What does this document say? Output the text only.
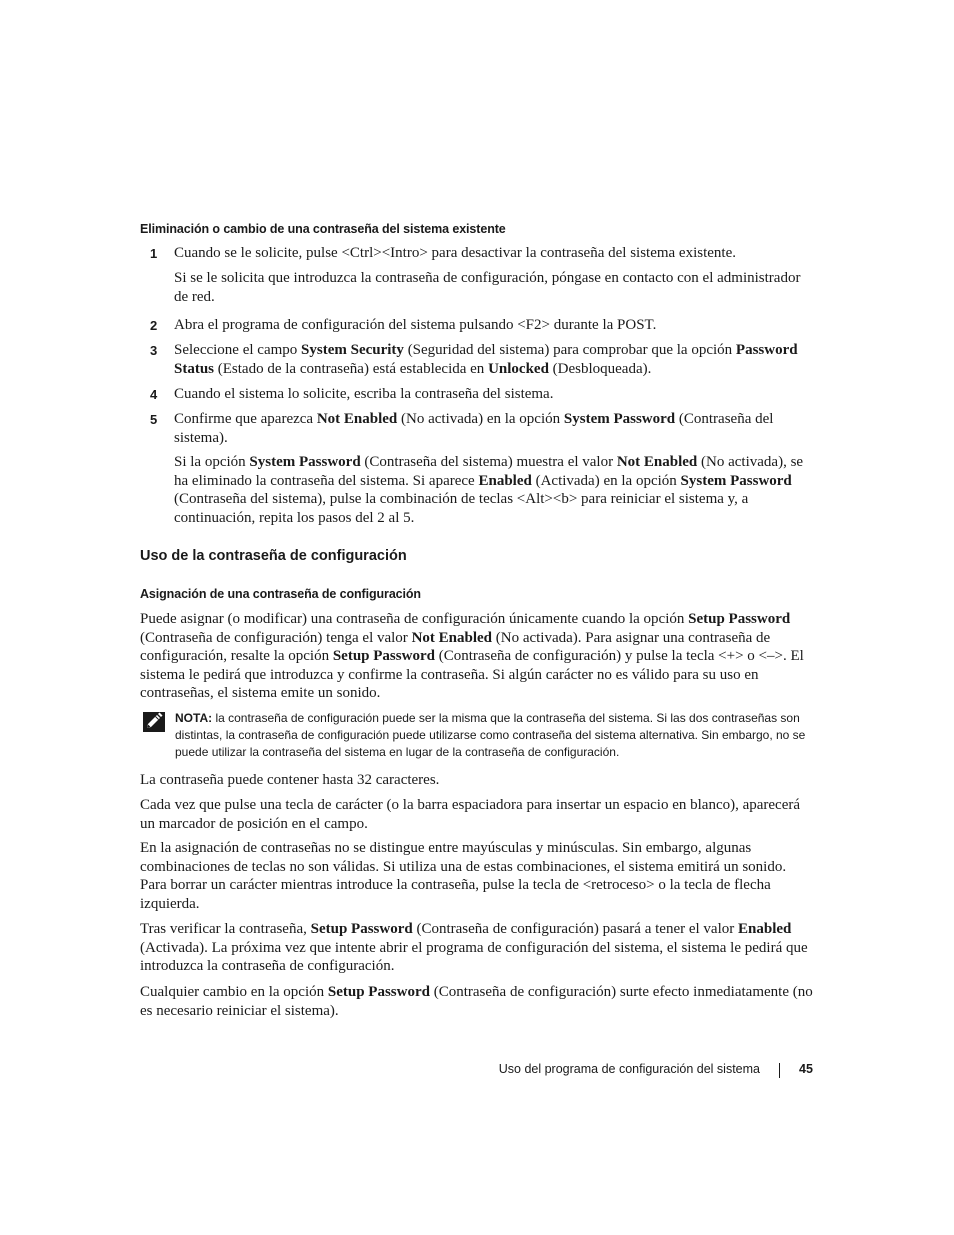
Eliminación o cambio de una contraseña del sistema existente
1 Cuando se le solicite, pulse <Ctrl><Intro> para desactivar la contraseña del sistema existente.
Si se le solicita que introduzca la contraseña de configuración, póngase en contacto con el administrador de red.
2 Abra el programa de configuración del sistema pulsando <F2> durante la POST.
3 Seleccione el campo System Security (Seguridad del sistema) para comprobar que la opción Password Status (Estado de la contraseña) está establecida en Unlocked (Desbloqueada).
4 Cuando el sistema lo solicite, escriba la contraseña del sistema.
5 Confirme que aparezca Not Enabled (No activada) en la opción System Password (Contraseña del sistema).
Si la opción System Password (Contraseña del sistema) muestra el valor Not Enabled (No activada), se ha eliminado la contraseña del sistema. Si aparece Enabled (Activada) en la opción System Password (Contraseña del sistema), pulse la combinación de teclas <Alt><b> para reiniciar el sistema y, a continuación, repita los pasos del 2 al 5.
Uso de la contraseña de configuración
Asignación de una contraseña de configuración
Puede asignar (o modificar) una contraseña de configuración únicamente cuando la opción Setup Password (Contraseña de configuración) tenga el valor Not Enabled (No activada). Para asignar una contraseña de configuración, resalte la opción Setup Password (Contraseña de configuración) y pulse la tecla <+> o <–>. El sistema le pedirá que introduzca y confirme la contraseña. Si algún carácter no es válido para su uso en contraseñas, el sistema emite un sonido.
NOTA: la contraseña de configuración puede ser la misma que la contraseña del sistema. Si las dos contraseñas son distintas, la contraseña de configuración puede utilizarse como contraseña del sistema alternativa. Sin embargo, no se puede utilizar la contraseña del sistema en lugar de la contraseña de configuración.
La contraseña puede contener hasta 32 caracteres.
Cada vez que pulse una tecla de carácter (o la barra espaciadora para insertar un espacio en blanco), aparecerá un marcador de posición en el campo.
En la asignación de contraseñas no se distingue entre mayúsculas y minúsculas. Sin embargo, algunas combinaciones de teclas no son válidas. Si utiliza una de estas combinaciones, el sistema emitirá un sonido. Para borrar un carácter mientras introduce la contraseña, pulse la tecla de <retroceso> o la tecla de flecha izquierda.
Tras verificar la contraseña, Setup Password (Contraseña de configuración) pasará a tener el valor Enabled (Activada). La próxima vez que intente abrir el programa de configuración del sistema, el sistema le pedirá que introduzca la contraseña de configuración.
Cualquier cambio en la opción Setup Password (Contraseña de configuración) surte efecto inmediatamente (no es necesario reiniciar el sistema).
Uso del programa de configuración del sistema	45
